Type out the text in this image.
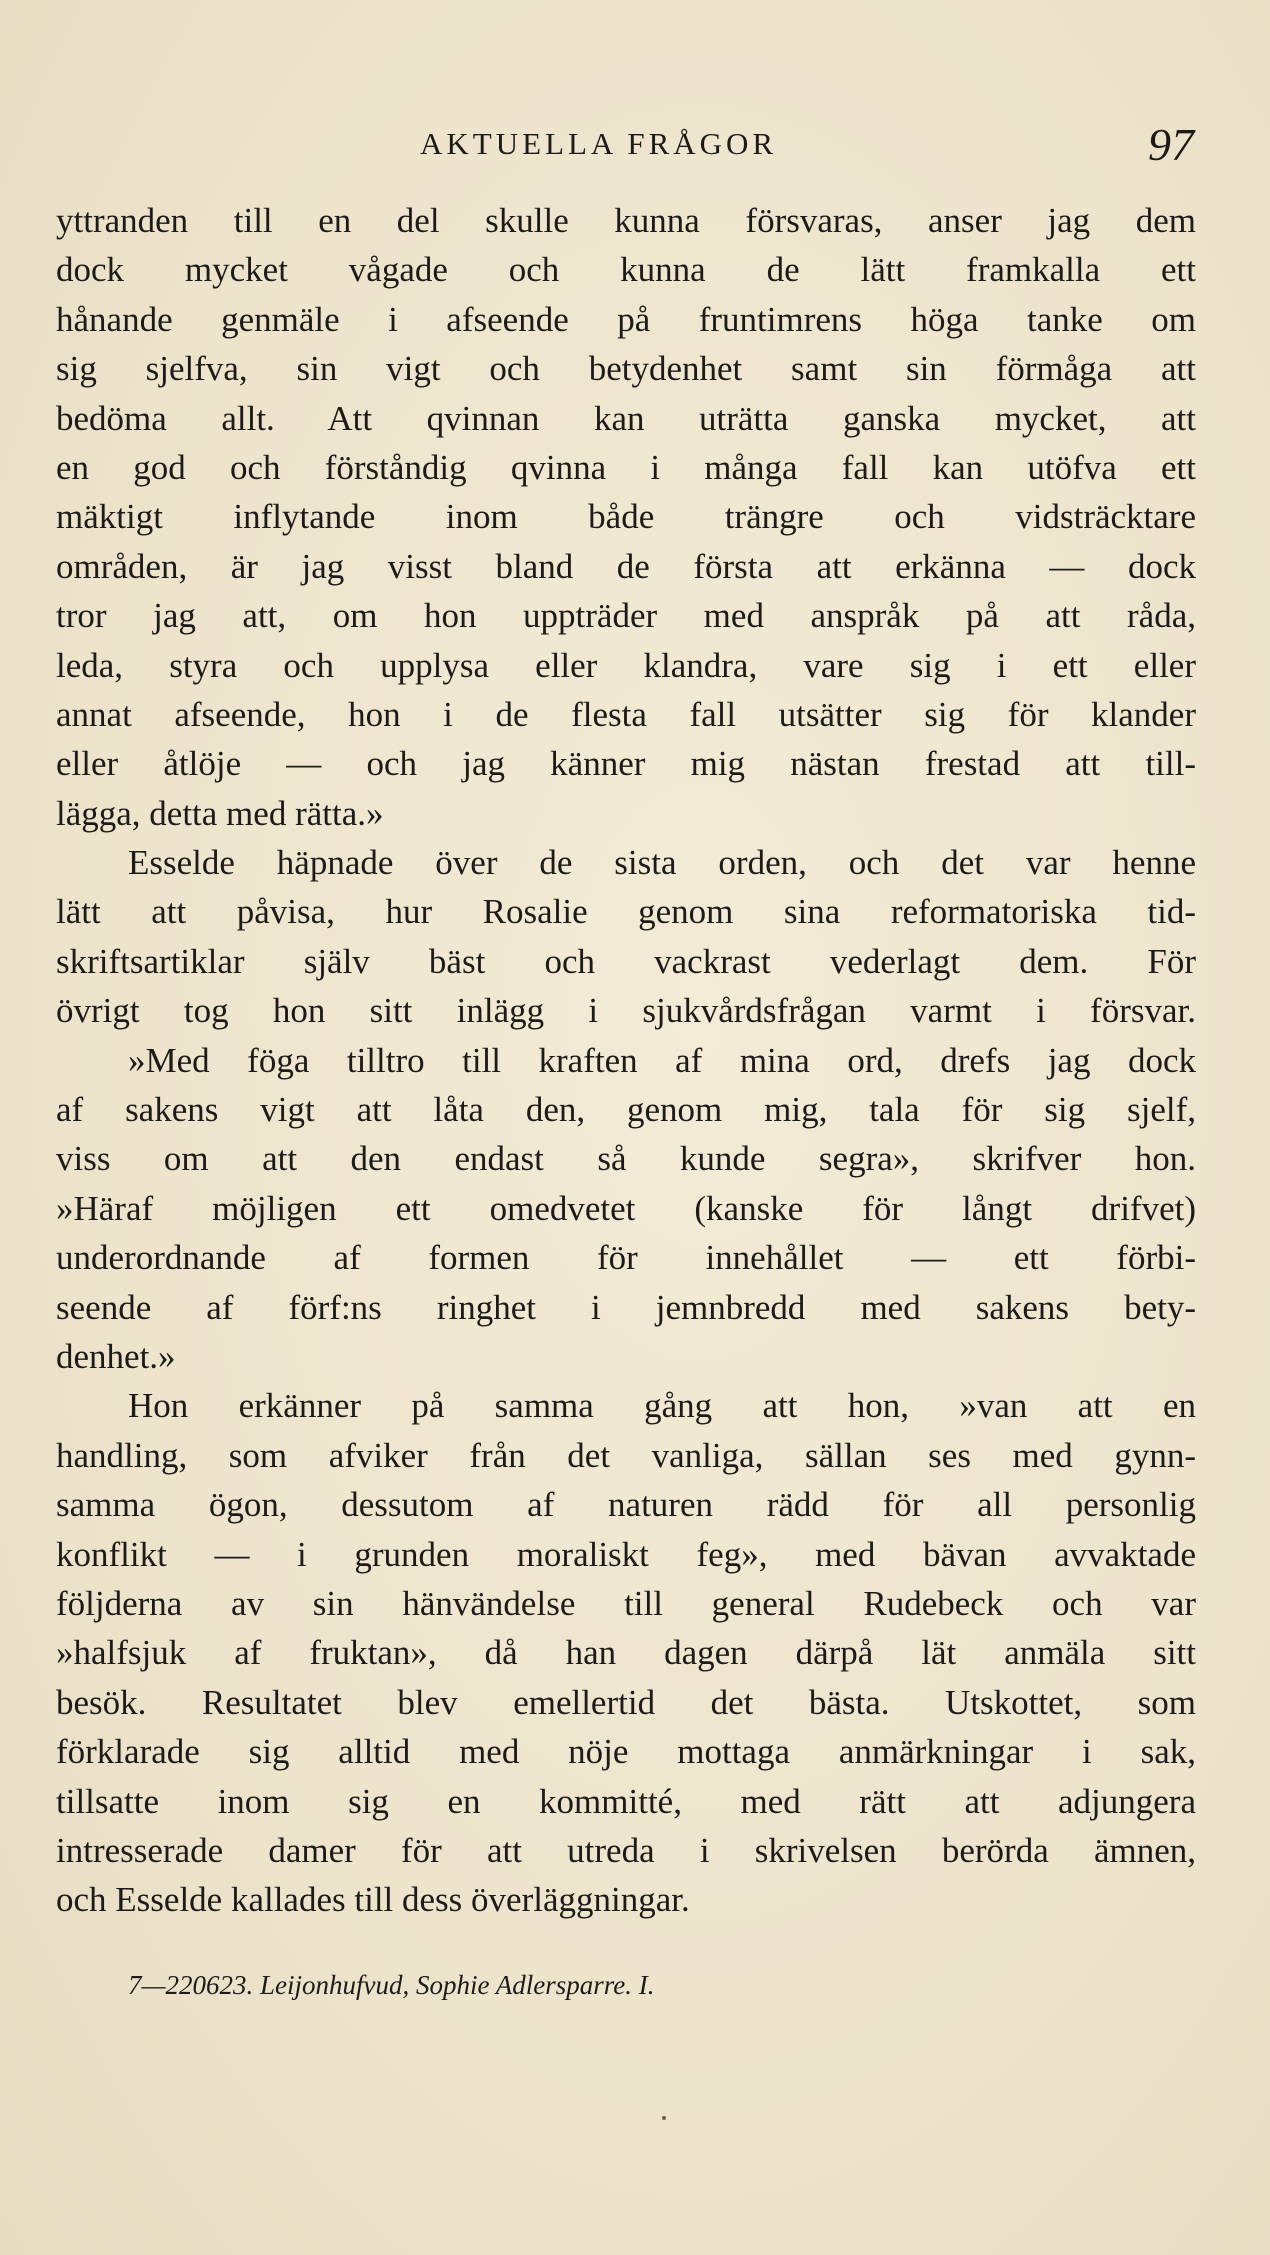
AKTUELLA FRÅGOR	97
yttranden till en del skulle kunna försvaras, anser jag dem
dock mycket vågade och kunna de lätt framkalla ett
hånande genmäle i afseende på fruntimrens höga tanke om
sig sjelfva, sin vigt och betydenhet samt sin förmåga att
bedöma allt. Att qvinnan kan uträtta ganska mycket, att
en god och förståndig qvinna i många fall kan utöfva ett
mäktigt inflytande inom både trängre och vidsträcktare
områden, är jag visst bland de första att erkänna — dock
tror jag att, om hon uppträder med anspråk på att råda,
leda, styra och upplysa eller klandra, vare sig i ett eller
annat afseende, hon i de flesta fall utsätter sig för klander
eller åtlöje — och jag känner mig nästan frestad att till-
lägga, detta med rätta.»
Esselde häpnade över de sista orden, och det var henne
lätt att påvisa, hur Rosalie genom sina reformatoriska tid-
skriftsartiklar själv bäst och vackrast vederlagt dem. För
övrigt tog hon sitt inlägg i sjukvårdsfrågan varmt i försvar.
»Med föga tilltro till kraften af mina ord, drefs jag dock
af sakens vigt att låta den, genom mig, tala för sig sjelf,
viss om att den endast så kunde segra», skrifver hon.
»Häraf möjligen ett omedvetet (kanske för långt drifvet)
underordnande af formen för innehållet — ett förbi-
seende af förf:ns ringhet i jemnbredd med sakens bety-
denhet.»
Hon erkänner på samma gång att hon, »van att en
handling, som afviker från det vanliga, sällan ses med gynn-
samma ögon, dessutom af naturen rädd för all personlig
konflikt — i grunden moraliskt feg», med bävan avvaktade
följderna av sin hänvändelse till general Rudebeck och var
»halfsjuk af fruktan», då han dagen därpå lät anmäla sitt
besök. Resultatet blev emellertid det bästa. Utskottet, som
förklarade sig alltid med nöje mottaga anmärkningar i sak,
tillsatte inom sig en kommitté, med rätt att adjungera
intresserade damer för att utreda i skrivelsen berörda ämnen,
och Esselde kallades till dess överläggningar.
7—220623. Leijonhufvud, Sophie Adlersparre. I.
